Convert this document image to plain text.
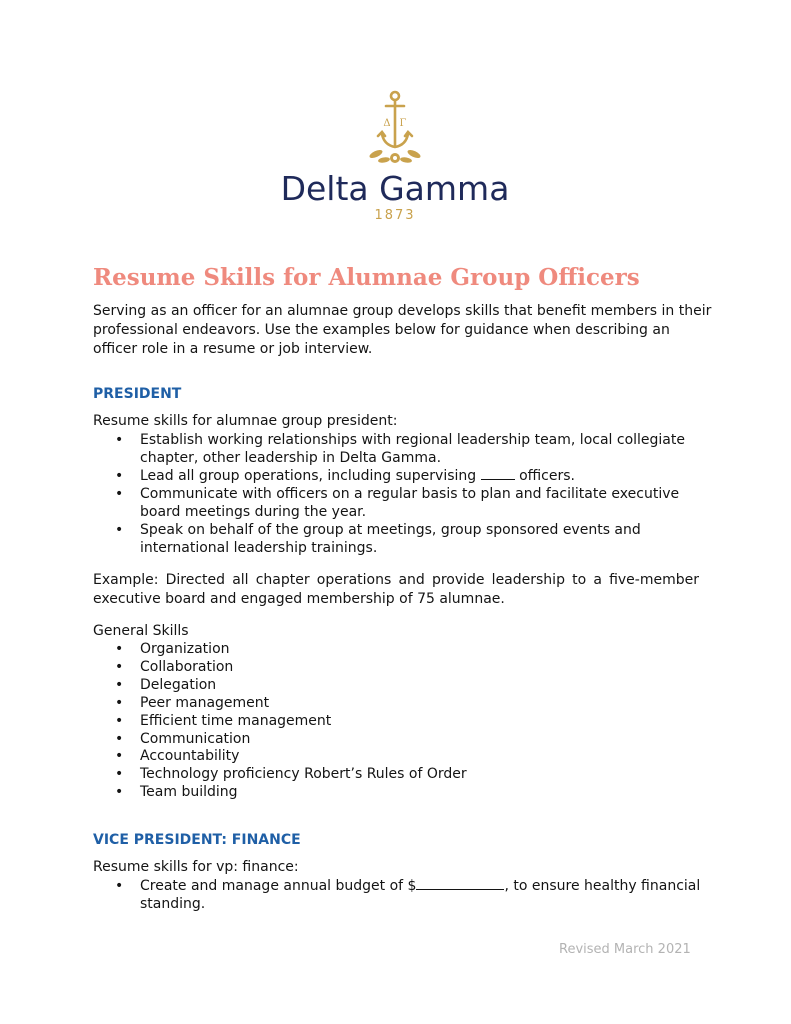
Δ Γ
Delta Gamma
1873
Resume Skills for Alumnae Group Officers

Serving as an officer for an alumnae group develops skills that benefit members in their professional endeavors. Use the examples below for guidance when describing an officer role in a resume or job interview.

PRESIDENT

Resume skills for alumnae group president:

• Establish working relationships with regional leadership team, local collegiate chapter, other leadership in Delta Gamma.
• Lead all group operations, including supervising	officers.
• Communicate with officers on a regular basis to plan and facilitate executive board meetings during the year.
• Speak on behalf of the group at meetings, group sponsored events and international leadership trainings.

Example: Directed all chapter operations and provide leadership to a five-member executive board and engaged membership of 75 alumnae.

General Skills

• Organization
• Collaboration
• Delegation
• Peer management
• Efficient time management
• Communication
• Accountability
• Technology proficiency Robert’s Rules of Order
• Team building
VICE PRESIDENT: FINANCE

Resume skills for vp: finance:

• Create and manage annual budget of $	, to ensure healthy financial standing.

Revised March 2021
